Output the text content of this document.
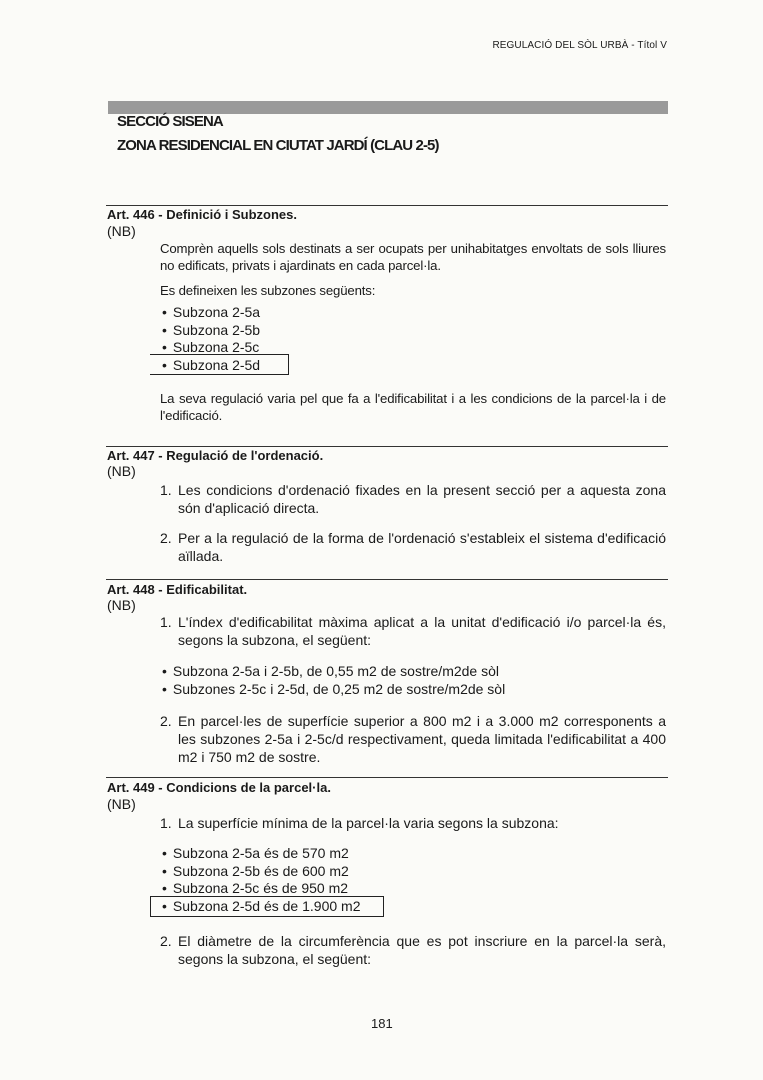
REGULACIÓ DEL SÒL URBÀ - Títol V
SECCIÓ SISENA
ZONA RESIDENCIAL EN CIUTAT JARDÍ (CLAU 2-5)
Art. 446 - Definició i Subzones.
(NB)
Comprèn aquells sols destinats a ser ocupats per unihabitatges envoltats de sols lliures no edificats, privats i ajardinats en cada parcel·la.
Es defineixen les subzones següents:
• Subzona 2-5a
• Subzona 2-5b
• Subzona 2-5c
• Subzona 2-5d
La seva regulació varia pel que fa a l'edificabilitat i a les condicions de la parcel·la i de l'edificació.
Art. 447 - Regulació de l'ordenació.
(NB)
1. Les condicions d'ordenació fixades en la present secció per a aquesta zona són d'aplicació directa.
2. Per a la regulació de la forma de l'ordenació s'estableix el sistema d'edificació aïllada.
Art. 448 - Edificabilitat.
(NB)
1. L'índex d'edificabilitat màxima aplicat a la unitat d'edificació i/o parcel·la és, segons la subzona, el següent:
• Subzona 2-5a i 2-5b, de 0,55 m2 de sostre/m2de sòl
• Subzones 2-5c i 2-5d, de 0,25 m2 de sostre/m2de sòl
2. En parcel·les de superfície superior a 800 m2 i a 3.000 m2 corresponents a les subzones 2-5a i 2-5c/d respectivament, queda limitada l'edificabilitat a 400 m2 i 750 m2 de sostre.
Art. 449 - Condicions de la parcel·la.
(NB)
1. La superfície mínima de la parcel·la varia segons la subzona:
• Subzona 2-5a és de 570 m2
• Subzona 2-5b és de 600 m2
• Subzona 2-5c és de 950 m2
• Subzona 2-5d és de 1.900 m2
2. El diàmetre de la circumferència que es pot inscriure en la parcel·la serà, segons la subzona, el següent:
181
